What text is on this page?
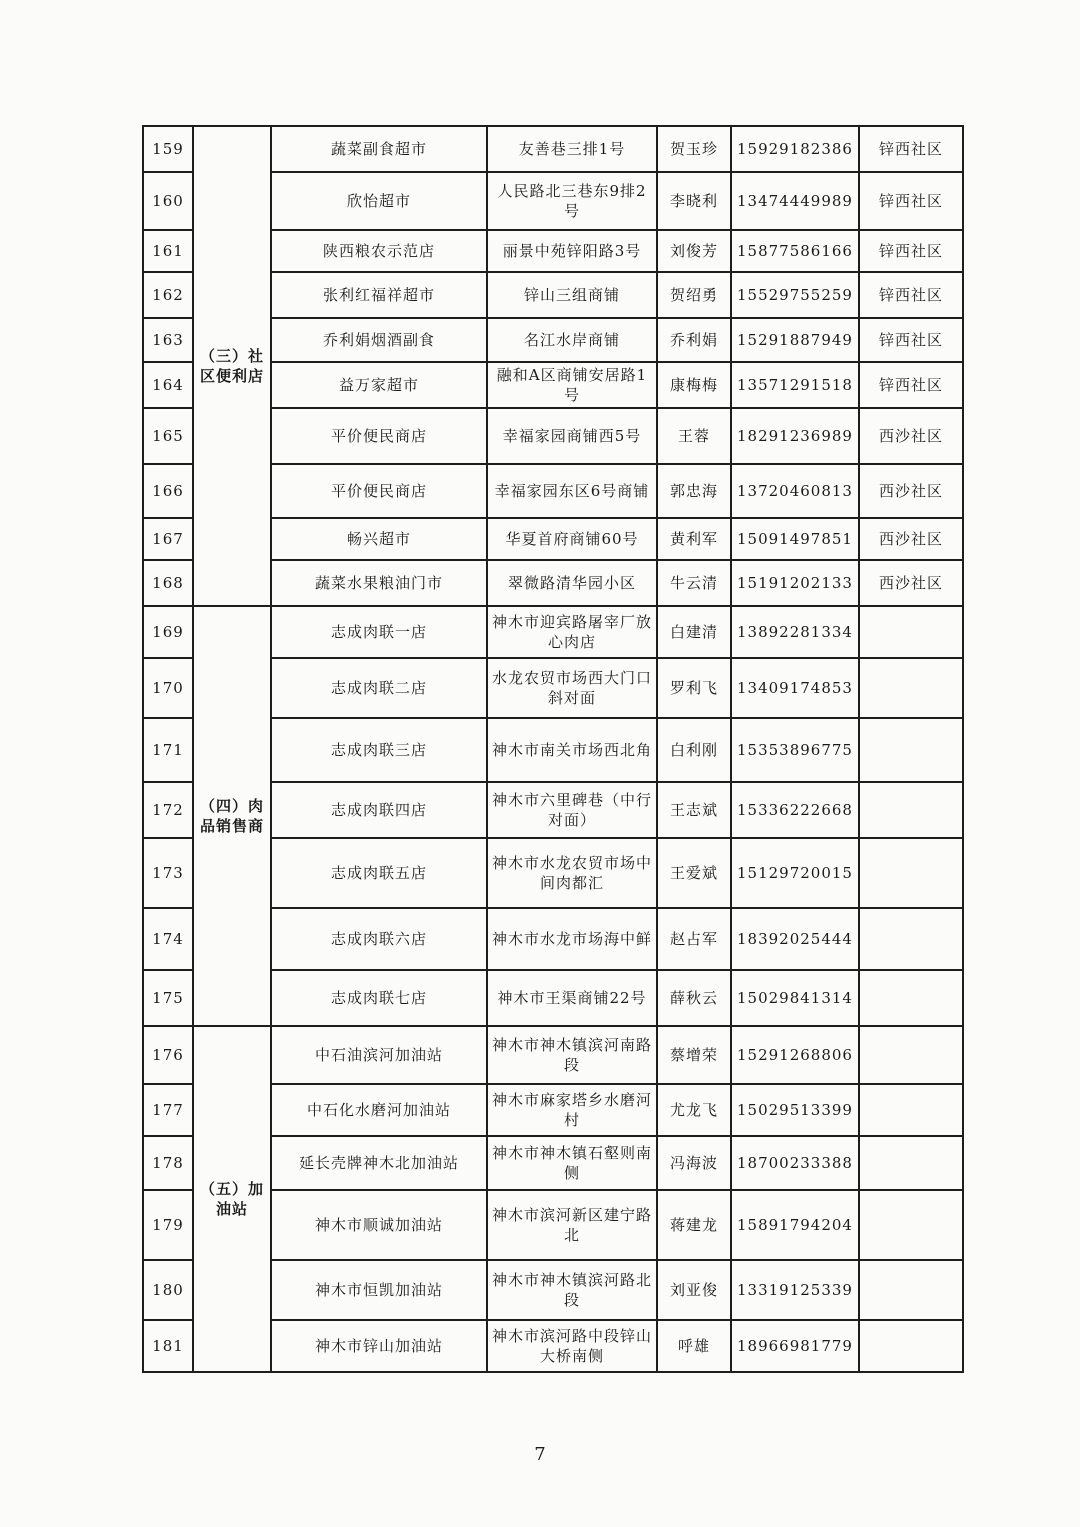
159	（三）社区便利店	蔬菜副食超市	友善巷三排1号	贺玉珍	15929182386	锌西社区
160		欣怡超市	人民路北三巷东9排2号	李晓利	13474449989	锌西社区
161		陕西粮农示范店	丽景中苑锌阳路3号	刘俊芳	15877586166	锌西社区
162		张利红福祥超市	锌山三组商铺	贺绍勇	15529755259	锌西社区
163		乔利娟烟酒副食	名江水岸商铺	乔利娟	15291887949	锌西社区
164		益万家超市	融和A区商铺安居路1号	康梅梅	13571291518	锌西社区
165		平价便民商店	幸福家园商铺西5号	王蓉	18291236989	西沙社区
166		平价便民商店	幸福家园东区6号商铺	郭忠海	13720460813	西沙社区
167		畅兴超市	华夏首府商铺60号	黄利军	15091497851	西沙社区
168		蔬菜水果粮油门市	翠微路清华园小区	牛云清	15191202133	西沙社区
169	（四）肉品销售商	志成肉联一店	神木市迎宾路屠宰厂放心肉店	白建清	13892281334	
170		志成肉联二店	水龙农贸市场西大门口斜对面	罗利飞	13409174853	
171		志成肉联三店	神木市南关市场西北角	白利刚	15353896775	
172		志成肉联四店	神木市六里碑巷（中行对面）	王志斌	15336222668	
173		志成肉联五店	神木市水龙农贸市场中间肉都汇	王爱斌	15129720015	
174		志成肉联六店	神木市水龙市场海中鲜	赵占军	18392025444	
175		志成肉联七店	神木市王渠商铺22号	薛秋云	15029841314	
176	（五）加油站	中石油滨河加油站	神木市神木镇滨河南路段	蔡增荣	15291268806	
177		中石化水磨河加油站	神木市麻家塔乡水磨河村	尤龙飞	15029513399	
178		延长壳牌神木北加油站	神木市神木镇石壑则南侧	冯海波	18700233388	
179		神木市顺诚加油站	神木市滨河新区建宁路北	蒋建龙	15891794204	
180		神木市恒凯加油站	神木市神木镇滨河路北段	刘亚俊	13319125339	
181		神木市锌山加油站	神木市滨河路中段锌山大桥南侧	呼雄	18966981779	
7
